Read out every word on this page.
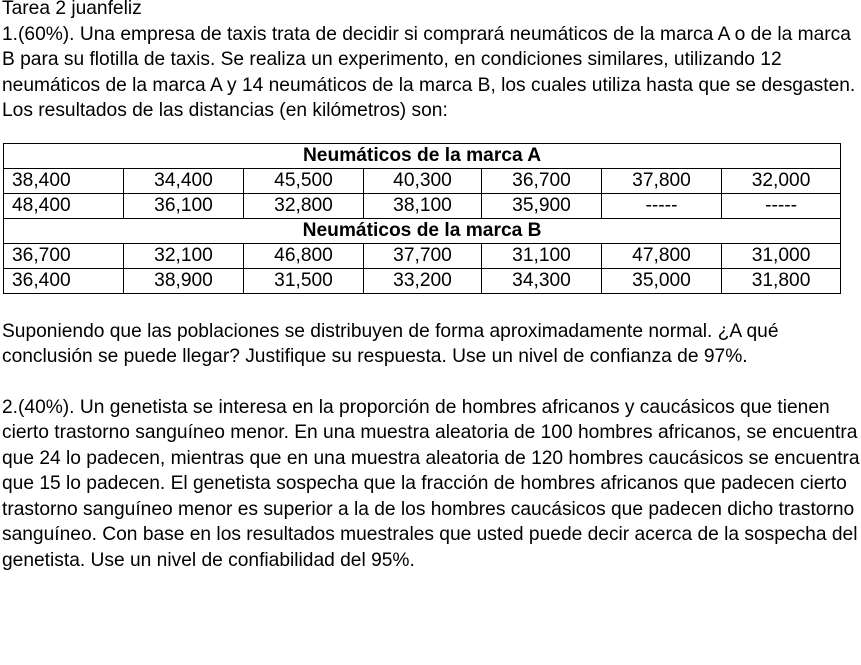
Tarea 2 juanfeliz

1.(60%). Una empresa de taxis trata de decidir si comprará neumáticos de la marca A o de la marca B para su flotilla de taxis. Se realiza un experimento, en condiciones similares, utilizando 12 neumáticos de la marca A y 14 neumáticos de la marca B, los cuales utiliza hasta que se desgasten. Los resultados de las distancias (en kilómetros) son:

Neumáticos de la marca A						
38,400	34,400	45,500	40,300	36,700	37,800	32,000
48,400	36,100	32,800	38,100	35,900	-----	-----
Neumáticos de la marca B						
36,700	32,100	46,800	37,700	31,100	47,800	31,000
36,400	38,900	31,500	33,200	34,300	35,000	31,800

Suponiendo que las poblaciones se distribuyen de forma aproximadamente normal. ¿A qué conclusión se puede llegar? Justifique su respuesta. Use un nivel de confianza de 97%.

2.(40%). Un genetista se interesa en la proporción de hombres africanos y caucásicos que tienen cierto trastorno sanguíneo menor. En una muestra aleatoria de 100 hombres africanos, se encuentra que 24 lo padecen, mientras que en una muestra aleatoria de 120 hombres caucásicos se encuentra que 15 lo padecen. El genetista sospecha que la fracción de hombres africanos que padecen cierto trastorno sanguíneo menor es superior a la de los hombres caucásicos que padecen dicho trastorno sanguíneo. Con base en los resultados muestrales que usted puede decir acerca de la sospecha del genetista. Use un nivel de confiabilidad del 95%.
